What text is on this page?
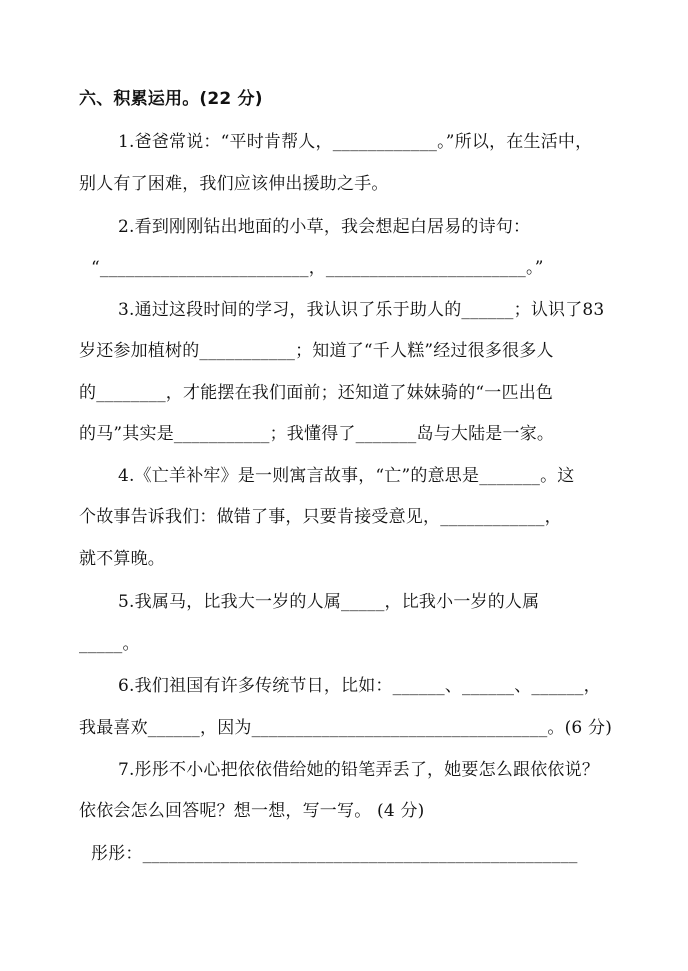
六、积累运用。(22 分)
1.爸爸常说：“平时肯帮人，____________。”所以，在生活中，
别人有了困难，我们应该伸出援助之手。
2.看到刚刚钻出地面的小草，我会想起白居易的诗句：
“________________________，_______________________。”
3.通过这段时间的学习，我认识了乐于助人的______；认识了83
岁还参加植树的___________；知道了“千人糕”经过很多很多人
的________，才能摆在我们面前；还知道了妹妹骑的“一匹出色
的马”其实是___________；我懂得了_______岛与大陆是一家。
4.《亡羊补牢》是一则寓言故事，“亡”的意思是_______。这
个故事告诉我们：做错了事，只要肯接受意见，____________，
就不算晚。
5.我属马，比我大一岁的人属_____，比我小一岁的人属
_____。
6.我们祖国有许多传统节日，比如：______、______、______，
我最喜欢______，因为__________________________________。(6 分)
7.彤彤不小心把依依借给她的铅笔弄丢了，她要怎么跟依依说？
依依会怎么回答呢？想一想，写一写。 (4 分)
彤彤：__________________________________________________
